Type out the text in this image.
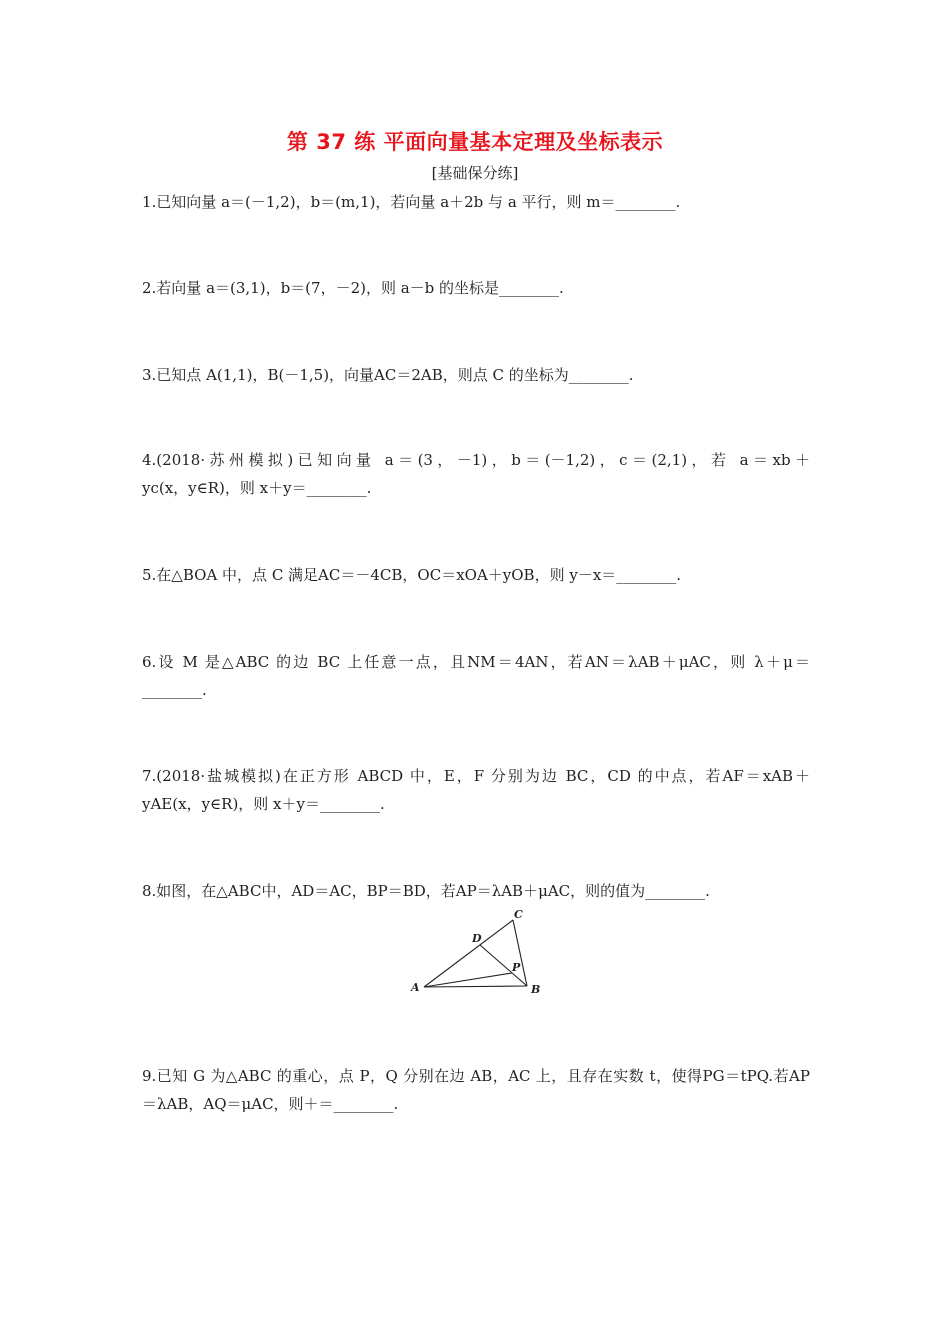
第 37 练 平面向量基本定理及坐标表示
[基础保分练]
1.已知向量 a＝(－1,2)，b＝(m,1)，若向量 a＋2b 与 a 平行，则 m＝________.
2.若向量 a＝(3,1)，b＝(7，－2)，则 a－b 的坐标是________.
3.已知点 A(1,1)，B(－1,5)，向量AC＝2AB，则点 C 的坐标为________.
4.(2018·苏州模拟)已知向量 a＝(3，－1)，b＝(－1,2)，c＝(2,1)，若 a＝xb＋
yc(x，y∈R)，则 x＋y＝________.
5.在△BOA 中，点 C 满足AC＝－4CB，OC＝xOA＋yOB，则 y－x＝________.
6.设 M 是△ABC 的边 BC 上任意一点，且NM＝4AN，若AN＝λAB＋μAC，则 λ＋μ＝
________.
7.(2018·盐城模拟)在正方形 ABCD 中，E，F 分别为边 BC，CD 的中点，若AF＝xAB＋
yAE(x，y∈R)，则 x＋y＝________.
8.如图，在△ABC中，AD＝AC，BP＝BD，若AP＝λAB＋μAC，则的值为________.
A	B
C
D
P
9.已知 G 为△ABC 的重心，点 P，Q 分别在边 AB，AC 上，且存在实数 t，使得PG＝tPQ.若AP
＝λAB，AQ＝μAC，则＋＝________.
